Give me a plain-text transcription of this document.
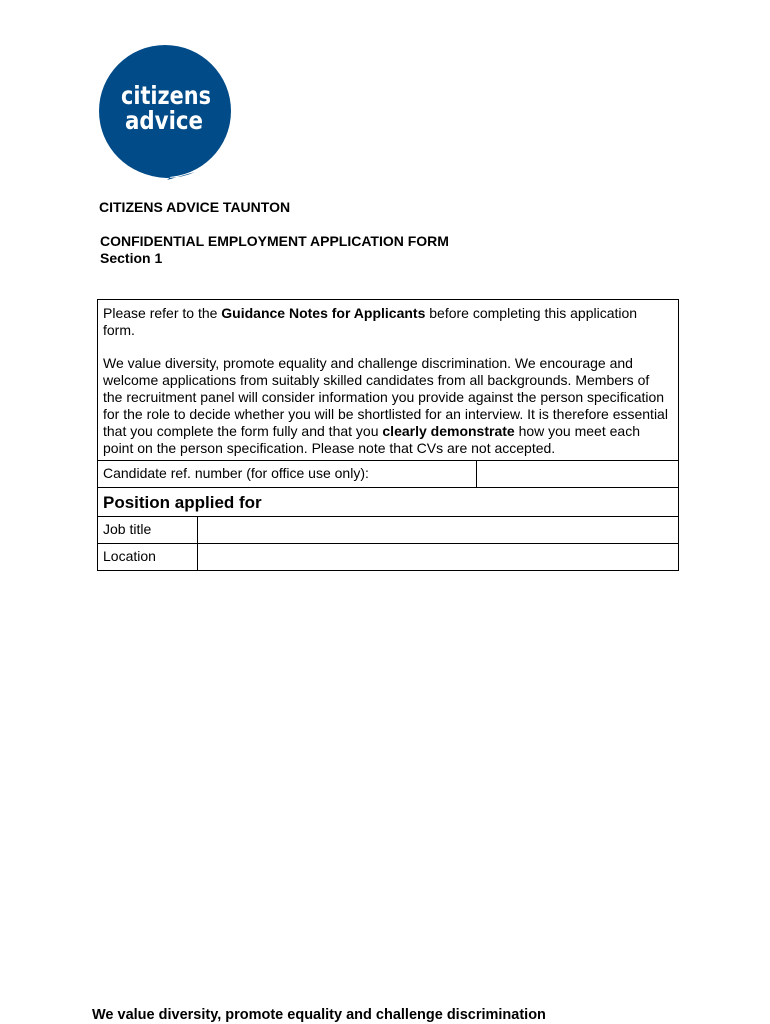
citizens
advice
CITIZENS ADVICE TAUNTON
CONFIDENTIAL EMPLOYMENT APPLICATION FORM
Section 1

Please refer to the Guidance Notes for Applicants before completing this application form.

We value diversity, promote equality and challenge discrimination. We encourage and welcome applications from suitably skilled candidates from all backgrounds. Members of the recruitment panel will consider information you provide against the person specification for the role to decide whether you will be shortlisted for an interview. It is therefore essential that you complete the form fully and that you clearly demonstrate how you meet each point on the person specification. Please note that CVs are not accepted.

Candidate ref. number (for office use only):
Position applied for
Job title
Location
We value diversity, promote equality and challenge discrimination
